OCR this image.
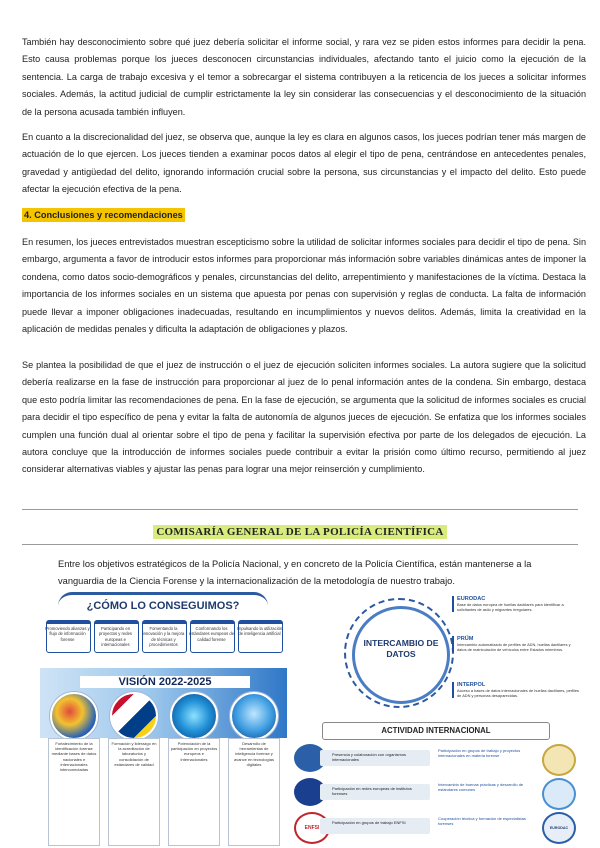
También hay desconocimiento sobre qué juez debería solicitar el informe social, y rara vez se piden estos informes para decidir la pena. Esto causa problemas porque los jueces desconocen circunstancias individuales, afectando tanto el juicio como la ejecución de la sentencia. La carga de trabajo excesiva y el temor a sobrecargar el sistema contribuyen a la reticencia de los jueces a solicitar informes sociales. Además, la actitud judicial de cumplir estrictamente la ley sin considerar las consecuencias y el desconocimiento de la situación de la persona acusada también influyen.

En cuanto a la discrecionalidad del juez, se observa que, aunque la ley es clara en algunos casos, los jueces podrían tener más margen de actuación de lo que ejercen. Los jueces tienden a examinar pocos datos al elegir el tipo de pena, centrándose en antecedentes penales, gravedad y antigüedad del delito, ignorando información crucial sobre la persona, sus circunstancias y el impacto del delito. Esto puede afectar la ejecución efectiva de la pena.

4. Conclusiones y recomendaciones

En resumen, los jueces entrevistados muestran escepticismo sobre la utilidad de solicitar informes sociales para decidir el tipo de pena. Sin embargo, argumenta a favor de introducir estos informes para proporcionar más información sobre variables dinámicas antes de imponer la condena, como datos socio-demográficos y penales, circunstancias del delito, arrepentimiento y manifestaciones de la víctima. Destaca la importancia de los informes sociales en un sistema que apuesta por penas con supervisión y reglas de conducta. La falta de información puede llevar a imponer obligaciones inadecuadas, resultando en incumplimientos y nuevos delitos. Además, limita la creatividad en la aplicación de medidas penales y dificulta la adaptación de obligaciones y plazos.

Se plantea la posibilidad de que el juez de instrucción o el juez de ejecución soliciten informes sociales. La autora sugiere que la solicitud debería realizarse en la fase de instrucción para proporcionar al juez de lo penal información antes de la condena. Sin embargo, destaca que esto podría limitar las recomendaciones de pena. En la fase de ejecución, se argumenta que la solicitud de informes sociales es crucial para decidir el tipo específico de pena y evitar la falta de autonomía de algunos jueces de ejecución. Se enfatiza que los informes sociales cumplen una función dual al orientar sobre el tipo de pena y facilitar la supervisión efectiva por parte de los delegados de ejecución. La autora concluye que la introducción de informes sociales puede contribuir a evitar la prisión como último recurso, permitiendo al juez considerar alternativas viables y ajustar las penas para lograr una mejor reinserción y cumplimiento.

COMISARÍA GENERAL DE LA POLICÍA CIENTÍFICA

Entre los objetivos estratégicos de la Policía Nacional, y en concreto de la Policía Científica, están mantenerse a la vanguardia de la Ciencia Forense y la internacionalización de la metodología de nuestro trabajo.

¿CÓMO LO CONSEGUIMOS?
Promoviendo alianzas y flujo de información forense
Participando en proyectos y redes europeas e internacionales
Fomentando la innovación y la mejora de técnicas y procedimientos
Conformando los estándares europeos de calidad forense
Impulsando la utilización de inteligencia artificial
VISIÓN 2022-2025

Fortalecimiento de la identificación forense mediante bases de datos nacionales e internacionales interconectadas

Formación y liderazgo en la acreditación de laboratorios y consolidación de estándares de calidad

Potenciación de la participación en proyectos europeos e internacionales

Desarrollo de herramientas de inteligencia forense y avance en tecnologías digitales

INTERCAMBIO DE DATOS
EURODAC
Base de datos europea de huellas dactilares para identificar a solicitantes de asilo y migrantes irregulares.
PRÜM
Intercambio automatizado de perfiles de ADN, huellas dactilares y datos de matriculación de vehículos entre Estados miembros.
INTERPOL
Acceso a bases de datos internacionales de huellas dactilares, perfiles de ADN y personas desaparecidas.
ACTIVIDAD INTERNACIONAL

Presencia y colaboración con organismos internacionales

Participación en grupos de trabajo y proyectos internacionales en materia forense

Participación en redes europeas de institutos forenses

Intercambio de buenas prácticas y desarrollo de estándares comunes
ENFSI

Participación en grupos de trabajo ENFSI

Cooperación técnica y formación de especialistas forenses
EURODAC
